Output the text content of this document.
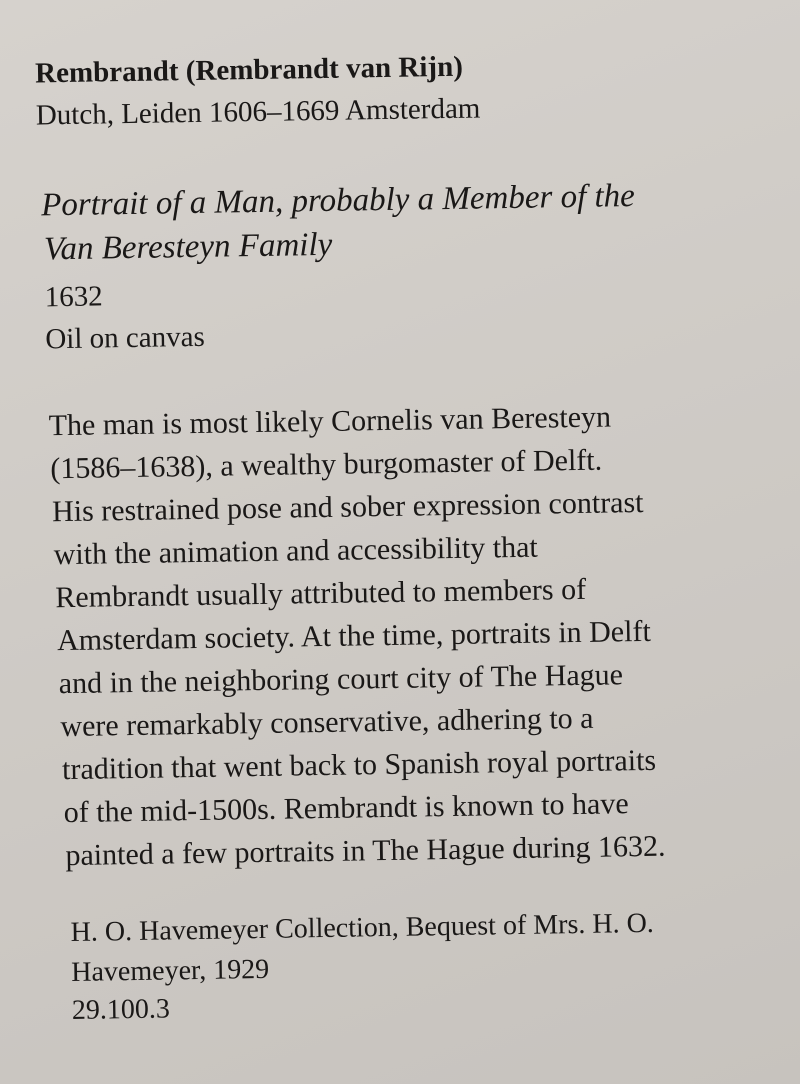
Rembrandt (Rembrandt van Rijn)

Dutch, Leiden 1606–1669 Amsterdam

Portrait of a Man, probably a Member of the

Van Beresteyn Family

1632

Oil on canvas

The man is most likely Cornelis van Beresteyn

(1586–1638), a wealthy burgomaster of Delft.

His restrained pose and sober expression contrast

with the animation and accessibility that

Rembrandt usually attributed to members of

Amsterdam society. At the time, portraits in Delft

and in the neighboring court city of The Hague

were remarkably conservative, adhering to a

tradition that went back to Spanish royal portraits

of the mid-1500s. Rembrandt is known to have

painted a few portraits in The Hague during 1632.

H. O. Havemeyer Collection, Bequest of Mrs. H. O.

Havemeyer, 1929

29.100.3
